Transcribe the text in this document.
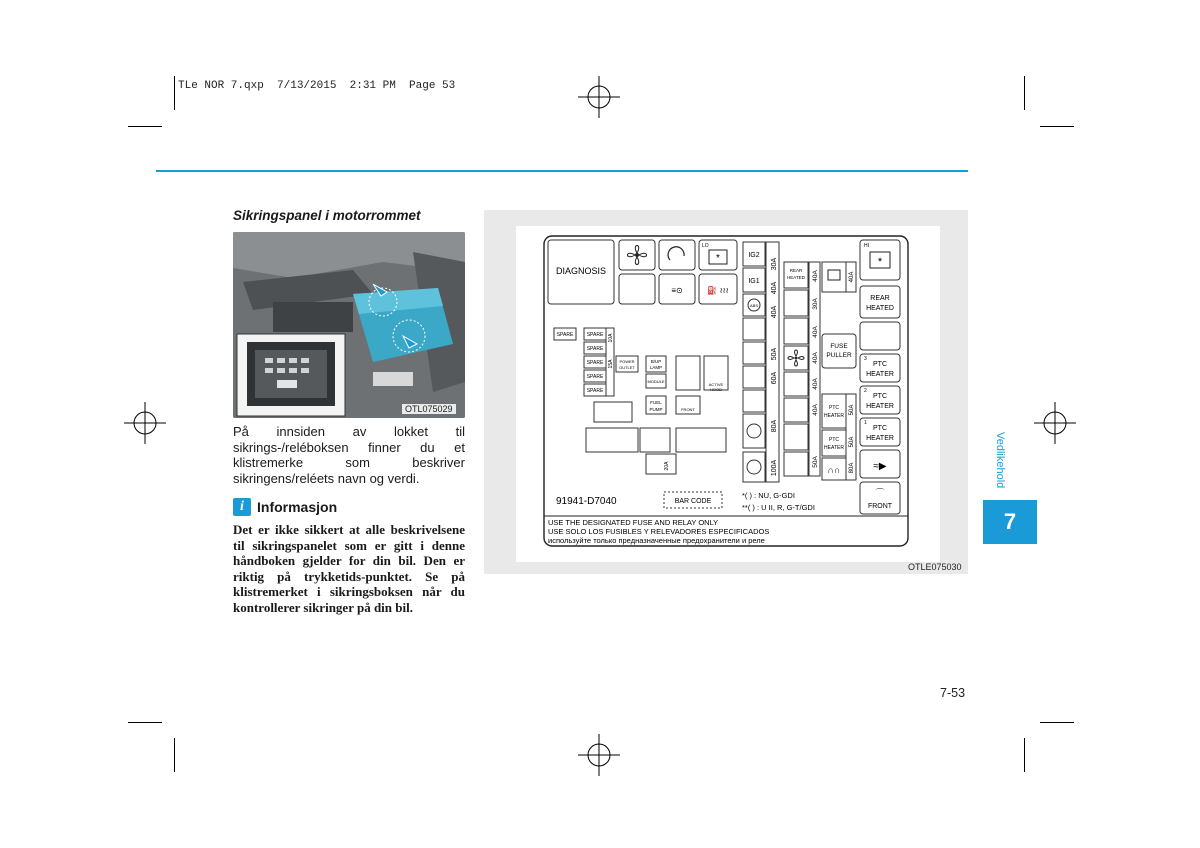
TLe NOR 7.qxp  7/13/2015  2:31 PM  Page 53
Sikringspanel i motorrommet
OTL075029
På innsiden av lokket til sikrings-/reléboksen finner du et klistremerke som beskriver sikringens/reléets navn og verdi.
i Informasjon
Det er ikke sikkert at alle beskrivelsene til sikringspanelet som er gitt i denne håndboken gjelder for din bil. Den er riktig på trykketids-punktet. Se på klistremerket i sikringsboksen når du kontrollerer sikringer på din bil.
DIAGNOSIS
LO
*
≡⊙	⛽ ≀≀≀
IG2
IG1
ABS
30A
40A
40A
50A
60A
80A
100A
REAR
HEATED 40A
30A
40A
40A
40A
40A
50A
40A
FUSE
PULLER
PTC
HEATER
PTC
HEATER
∩∩
50A
50A
80A
HI
*
REAR
HEATED
3
PTC
HEATER
2
PTC
HEATER
1
PTC
HEATER
≈▶
⌒
FRONT
SPARE	SPARE
SPARE
SPARE
SPARE
SPARE
10A
15A POWER
OUTLET
B/UP
LAMP
MODULE
ACTIVE
HOOD
FUEL
PUMP	FRONT
20A
91941-D7040	BAR CODE
*( ) : NU, G-GDI
**( ) : U II, R, G-T/GDI
USE THE DESIGNATED FUSE AND RELAY ONLY
USE SOLO LOS FUSIBLES Y RELEVADORES ESPECIFICADOS
используйте только предназначенные предохранители и реле
OTLE075030
Vedlikehold
7
7-53
